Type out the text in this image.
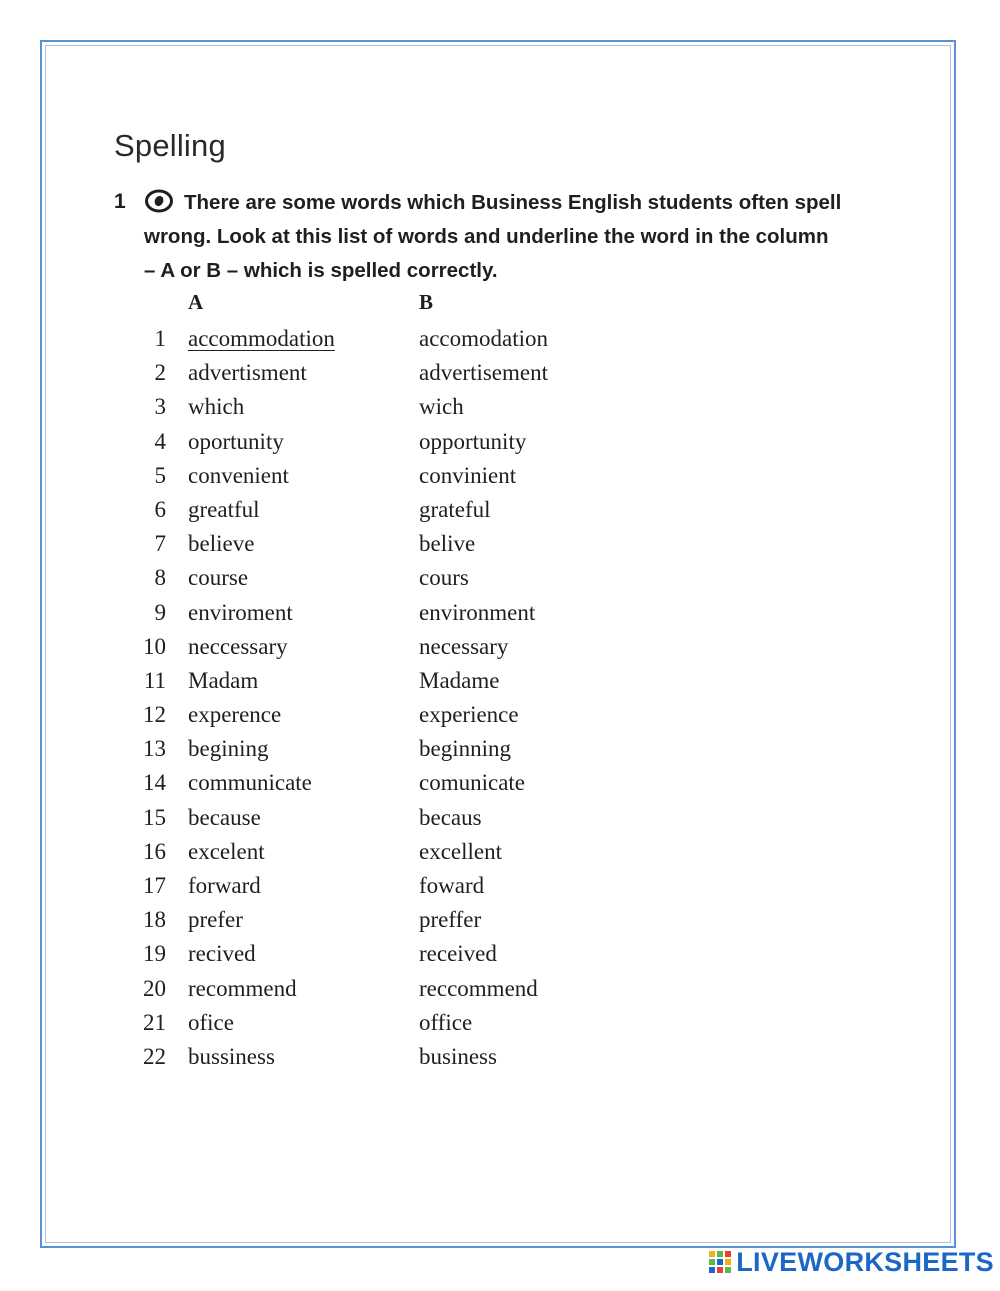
Spelling
1	There are some words which Business English students often spell
wrong. Look at this list of words and underline the word in the column
– A or B – which is spelled correctly.
A	B
1 accommodation	accomodation
2 advertisment	advertisement
3 which	wich
4 oportunity	opportunity
5 convenient	convinient
6 greatful	grateful
7 believe	belive
8 course	cours
9 enviroment	environment
10 neccessary	necessary
11 Madam	Madame
12 experence	experience
13 begining	beginning
14 communicate	comunicate
15 because	becaus
16 excelent	excellent
17 forward	foward
18 prefer	preffer
19 recived	received
20 recommend	reccommend
21 ofice	office
22 bussiness	business
LIVEWORKSHEETS
